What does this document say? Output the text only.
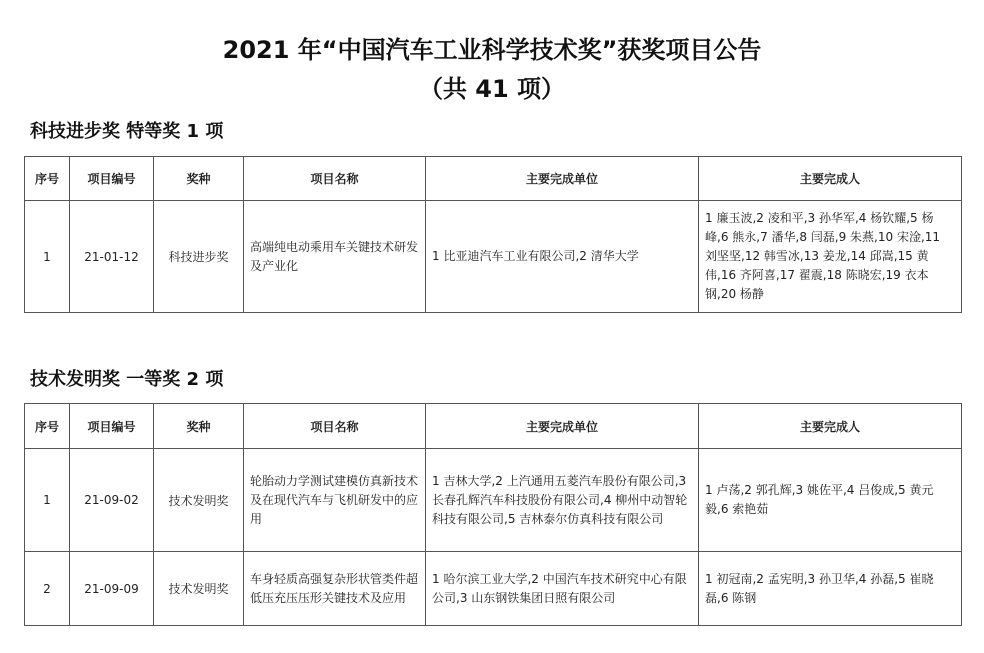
2021 年“中国汽车工业科学技术奖”获奖项目公告
（共 41 项）
科技进步奖 特等奖 1 项
序号	项目编号	奖种	项目名称	主要完成单位	主要完成人
1	21-01-12	科技进步奖	高端纯电动乘用车关键技术研发及产业化	1 比亚迪汽车工业有限公司,2 清华大学	1 廉玉波,2 凌和平,3 孙华军,4 杨钦耀,5 杨峰,6 熊永,7 潘华,8 闫磊,9 朱燕,10 宋淦,11 刘坚坚,12 韩雪冰,13 姜龙,14 邱嵩,15 黄伟,16 齐阿喜,17 翟震,18 陈晓宏,19 衣本钢,20 杨静
技术发明奖 一等奖 2 项
序号	项目编号	奖种	项目名称	主要完成单位	主要完成人
1	21-09-02	技术发明奖	轮胎动力学测试建模仿真新技术及在现代汽车与飞机研发中的应用	1 吉林大学,2 上汽通用五菱汽车股份有限公司,3 长春孔辉汽车科技股份有限公司,4 柳州中动智轮科技有限公司,5 吉林泰尔仿真科技有限公司	1 卢荡,2 郭孔辉,3 姚佐平,4 吕俊成,5 黄元毅,6 索艳茹
2	21-09-09	技术发明奖	车身轻质高强复杂形状管类件超低压充压压形关键技术及应用	1 哈尔滨工业大学,2 中国汽车技术研究中心有限公司,3 山东钢铁集团日照有限公司	1 初冠南,2 孟宪明,3 孙卫华,4 孙磊,5 崔晓磊,6 陈钢
